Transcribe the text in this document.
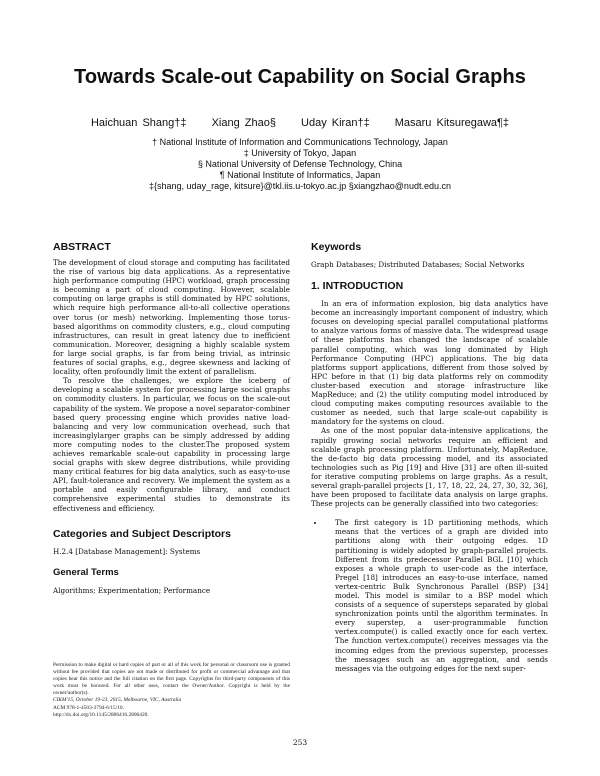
Towards Scale-out Capability on Social Graphs
Haichuan Shang†‡ Xiang Zhao§ Uday Kiran†‡ Masaru Kitsuregawa¶‡
† National Institute of Information and Communications Technology, Japan
‡ University of Tokyo, Japan
§ National University of Defense Technology, China
¶ National Institute of Informatics, Japan
‡{shang, uday_rage, kitsure}@tkl.iis.u-tokyo.ac.jp §xiangzhao@nudt.edu.cn
ABSTRACT

The development of cloud storage and computing has facilitated the rise of various big data applications. As a representative high performance computing (HPC) workload, graph processing is becoming a part of cloud computing. However, scalable computing on large graphs is still dominated by HPC solutions, which require high performance all-to-all collective operations over torus (or mesh) networking. Implementing those torus-based algorithms on commodity clusters, e.g., cloud computing infrastructures, can result in great latency due to inefficient communication. Moreover, designing a highly scalable system for large social graphs, is far from being trivial, as intrinsic features of social graphs, e.g., degree skewness and lacking of locality, often profoundly limit the extent of parallelism.

To resolve the challenges, we explore the iceberg of developing a scalable system for processing large social graphs on commodity clusters. In particular, we focus on the scale-out capability of the system. We propose a novel separator-combiner based query processing engine which provides native load-balancing and very low communication overhead, such that increasinglylarger graphs can be simply addressed by adding more computing nodes to the cluster.The proposed system achieves remarkable scale-out capability in processing large social graphs with skew degree distributions, while providing many critical features for big data analytics, such as easy-to-use API, fault-tolerance and recovery. We implement the system as a portable and easily configurable library, and conduct comprehensive experimental studies to demonstrate its effectiveness and efficiency.

Categories and Subject Descriptors

H.2.4 [Database Management]: Systems

General Terms

Algorithms; Experimentation; Performance

Permission to make digital or hard copies of part or all of this work for personal or classroom use is granted without fee provided that copies are not made or distributed for profit or commercial advantage and that copies bear this notice and the full citation on the first page. Copyrights for third-party components of this work must be honored. For all other uses, contact the Owner/Author. Copyright is held by the owner/author(s).
CIKM'15, October 19-23, 2015, Melbourne, VIC, Australia
ACM 978-1-4503-3794-6/15/10.
http://dx.doi.org/10.1145/2806416.2806420.
Keywords

Graph Databases; Distributed Databases; Social Networks

1. INTRODUCTION

In an era of information explosion, big data analytics have become an increasingly important component of industry, which focuses on developing special parallel computational platforms to analyze various forms of massive data. The widespread usage of these platforms has changed the landscape of scalable parallel computing, which was long dominated by High Performance Computing (HPC) applications. The big data platforms support applications, different from those solved by HPC before in that (1) big data platforms rely on commodity cluster-based execution and storage infrastructure like MapReduce; and (2) the utility computing model introduced by cloud computing makes computing resources available to the customer as needed, such that large scale-out capability is mandatory for the systems on cloud.

As one of the most popular data-intensive applications, the rapidly growing social networks require an efficient and scalable graph processing platform. Unfortunately, MapReduce, the de-facto big data processing model, and its associated technologies such as Pig [19] and Hive [31] are often ill-suited for iterative computing problems on large graphs. As a result, several graph-parallel projects [1, 17, 18, 22, 24, 27, 30, 32, 36], have been proposed to facilitate data analysis on large graphs. These projects can be generally classified into two categories:

• The first category is 1D partitioning methods, which means that the vertices of a graph are divided into partitions along with their outgoing edges. 1D partitioning is widely adopted by graph-parallel projects. Different from its predecessor Parallel BGL [10] which exposes a whole graph to user-code as the interface, Pregel [18] introduces an easy-to-use interface, named vertex-centric Bulk Synchronous Parallel (BSP) [34] model. This model is similar to a BSP model which consists of a sequence of supersteps separated by global synchronization points until the algorithm terminates. In every superstep, a user-programmable function vertex.compute() is called exactly once for each vertex. The function vertex.compute() receives messages via the incoming edges from the previous superstep, processes the messages such as an aggregation, and sends messages via the outgoing edges for the next super-
253
